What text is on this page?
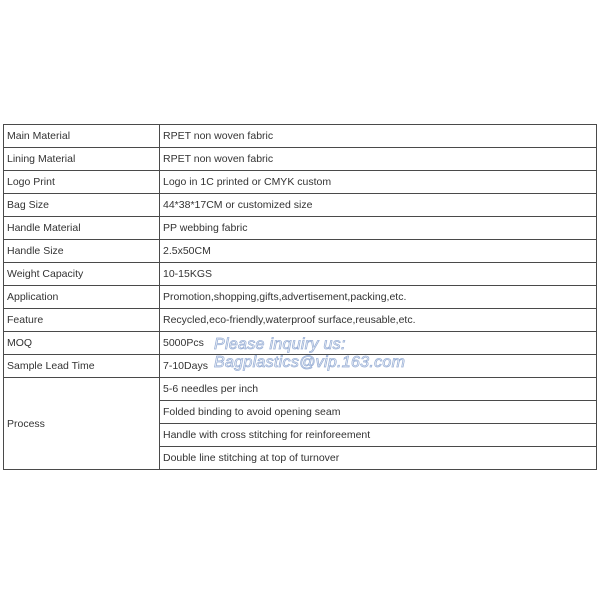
Main Material	RPET non woven fabric
Lining Material	RPET non woven fabric
Logo Print	Logo in 1C printed or CMYK custom
Bag Size	44*38*17CM or customized size
Handle Material	PP webbing fabric
Handle Size	2.5x50CM
Weight Capacity	10-15KGS
Application	Promotion,shopping,gifts,advertisement,packing,etc.
Feature	Recycled,eco-friendly,waterproof surface,reusable,etc.
MOQ	5000Pcs
Sample Lead Time	7-10Days
Process	5-6 needles per inch
	Folded binding to avoid opening seam
	Handle with cross stitching for reinforeement
	Double line stitching at top of turnover
Please inquiry us:
Bagplastics@vip.163.com
